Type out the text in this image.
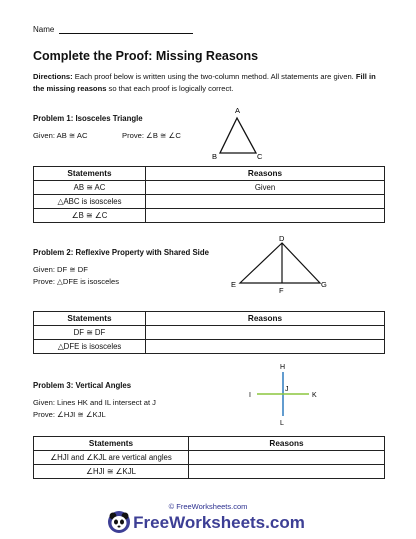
Name
Complete the Proof: Missing Reasons
Directions: Each proof below is written using the two-column method. All statements are given. Fill in the missing reasons so that each proof is logically correct.
Problem 1: Isosceles Triangle
Given: AB ≅ AC	Prove: ∠B ≅ ∠C
A
B	C
Statements	Reasons
AB ≅ AC	Given
△ABC is isosceles	
∠B ≅ ∠C	
Problem 2: Reflexive Property with Shared Side
Given: DF ≅ DF
Prove: △DFE is isosceles
D
E
F
G
Statements	Reasons
DF ≅ DF	
△DFE is isosceles	
Problem 3: Vertical Angles
Given: Lines HK and IL intersect at J
Prove: ∠HJI ≅ ∠KJL
H
I
J
K
L
Statements	Reasons
∠HJI and ∠KJL are vertical angles	
∠HJI ≅ ∠KJL	
© FreeWorksheets.com
FreeWorksheets.com
